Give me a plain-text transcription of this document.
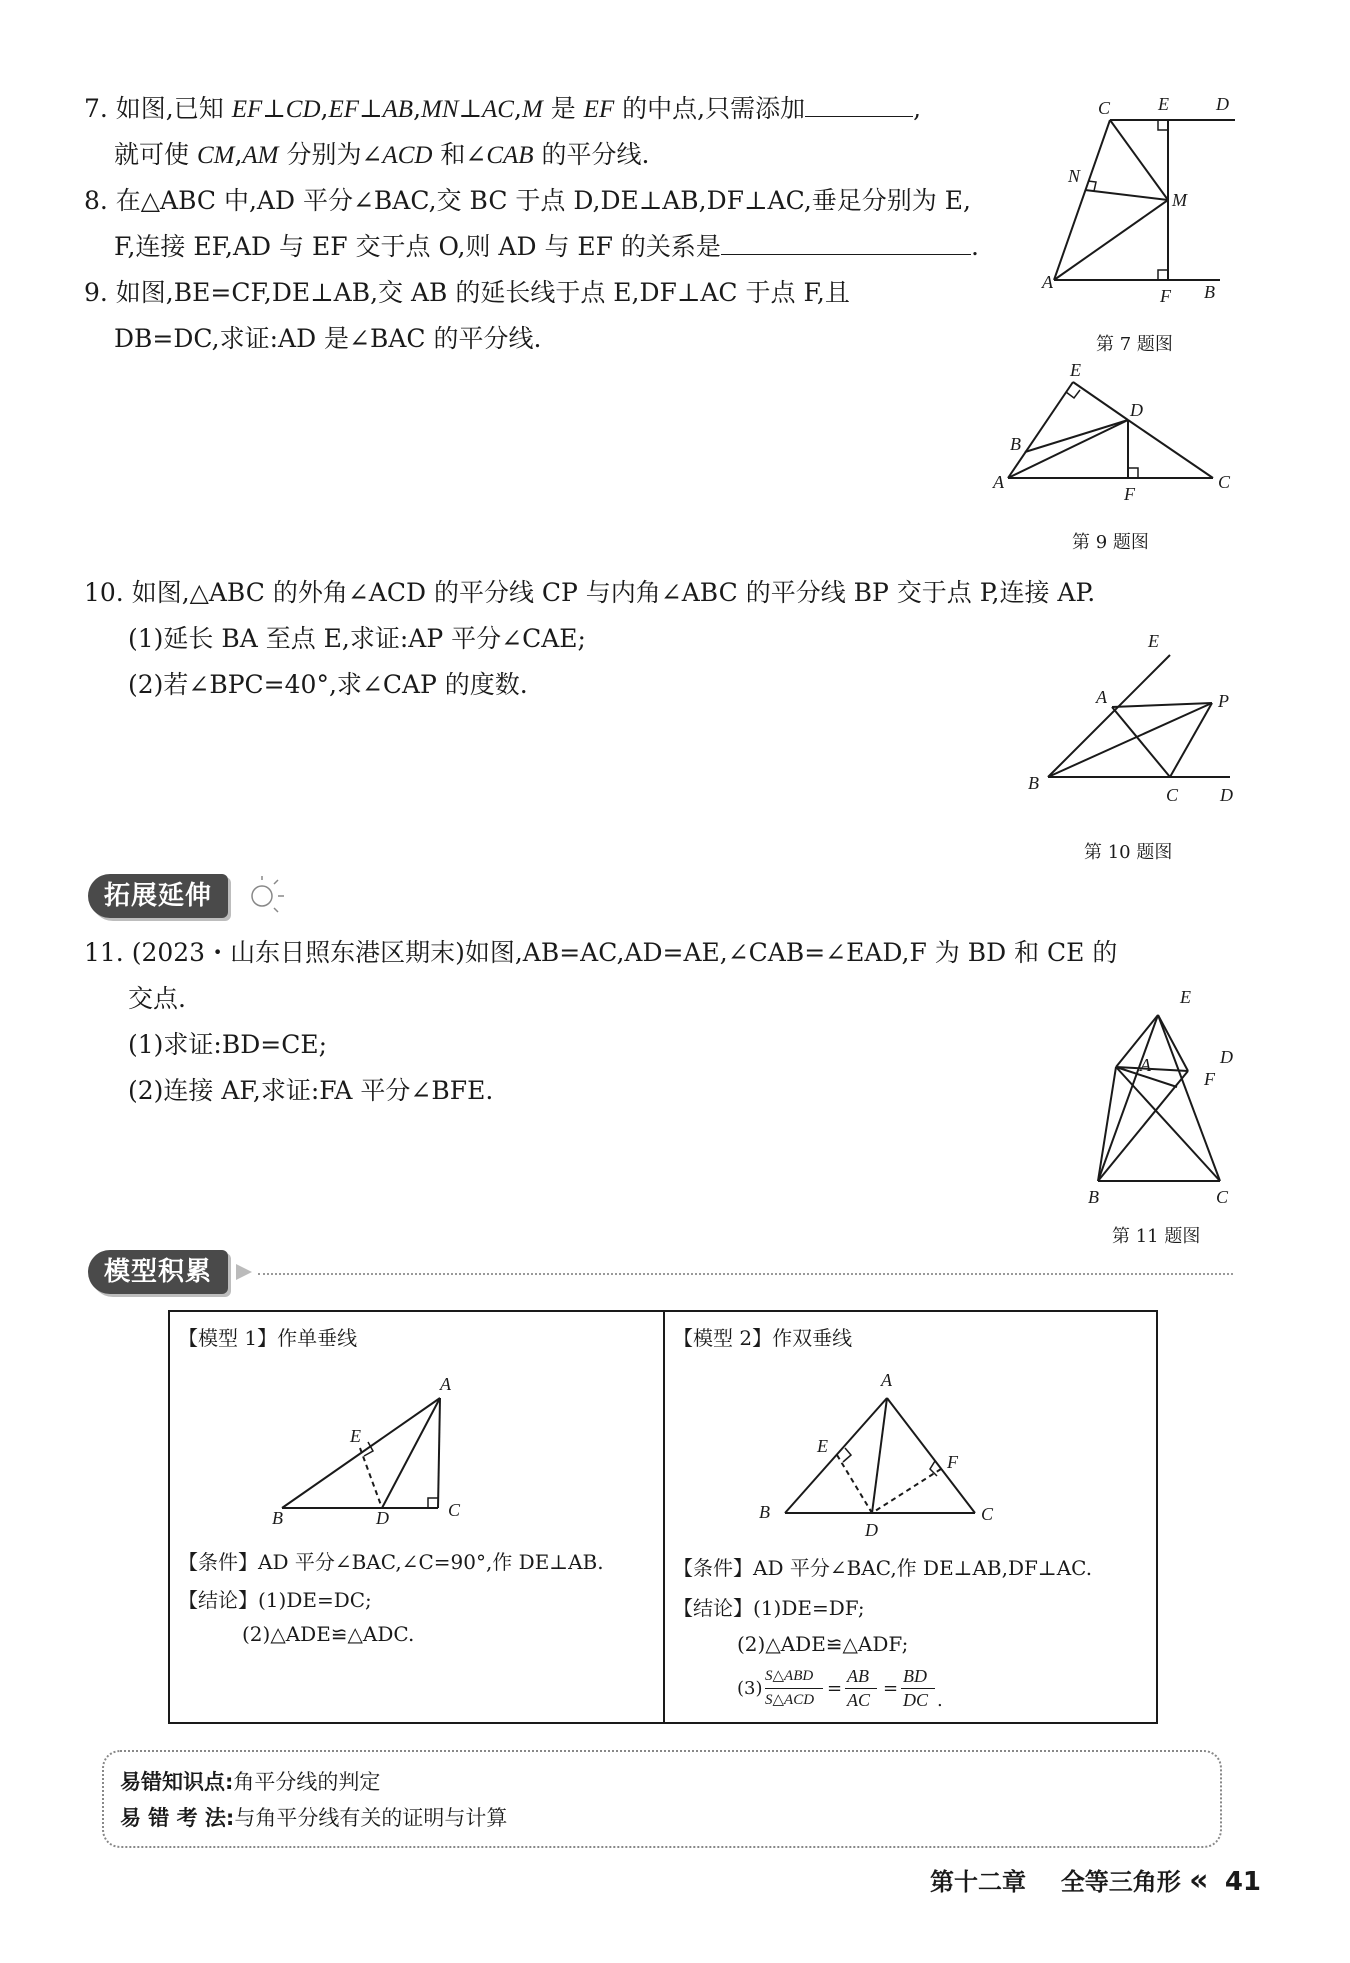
7. 如图,已知 EF⊥CD,EF⊥AB,MN⊥AC,M 是 EF 的中点,只需添加	,
就可使 CM,AM 分别为∠ACD 和∠CAB 的平分线.
8. 在△ABC 中,AD 平分∠BAC,交 BC 于点 D,DE⊥AB,DF⊥AC,垂足分别为 E,
F,连接 EF,AD 与 EF 交于点 O,则 AD 与 EF 的关系是	.
9. 如图,BE=CF,DE⊥AB,交 AB 的延长线于点 E,DF⊥AC 于点 F,且
DB=DC,求证:AD 是∠BAC 的平分线.
C	E	D
N
M
A
F B
第 7 题图
E
D
B
A	C
F
第 9 题图
10. 如图,△ABC 的外角∠ACD 的平分线 CP 与内角∠ABC 的平分线 BP 交于点 P,连接 AP.
(1)延长 BA 至点 E,求证:AP 平分∠CAE;
(2)若∠BPC=40°,求∠CAP 的度数.
E
A	P
B
C D
第 10 题图
拓展延伸
11. (2023・山东日照东港区期末)如图,AB=AC,AD=AE,∠CAB=∠EAD,F 为 BD 和 CE 的
交点.
(1)求证:BD=CE;
(2)连接 AF,求证:FA 平分∠BFE.
E
A	D
F
B	C
第 11 题图
模型积累
【模型 1】作单垂线
A
E
B	D	C
【条件】AD 平分∠BAC,∠C=90°,作 DE⊥AB.
【结论】(1)DE=DC;
(2)△ADE≌△ADC.
【模型 2】作双垂线
A
E
F
B
D
C
【条件】AD 平分∠BAC,作 DE⊥AB,DF⊥AC.
【结论】(1)DE=DF;
(2)△ADE≌△ADF;
(3)
S△ABD
S△ACD
=
AB
AC
=
BD
DC .
易错知识点:角平分线的判定
易 错 考 法:与角平分线有关的证明与计算
第十二章 全等三角形 « 41
